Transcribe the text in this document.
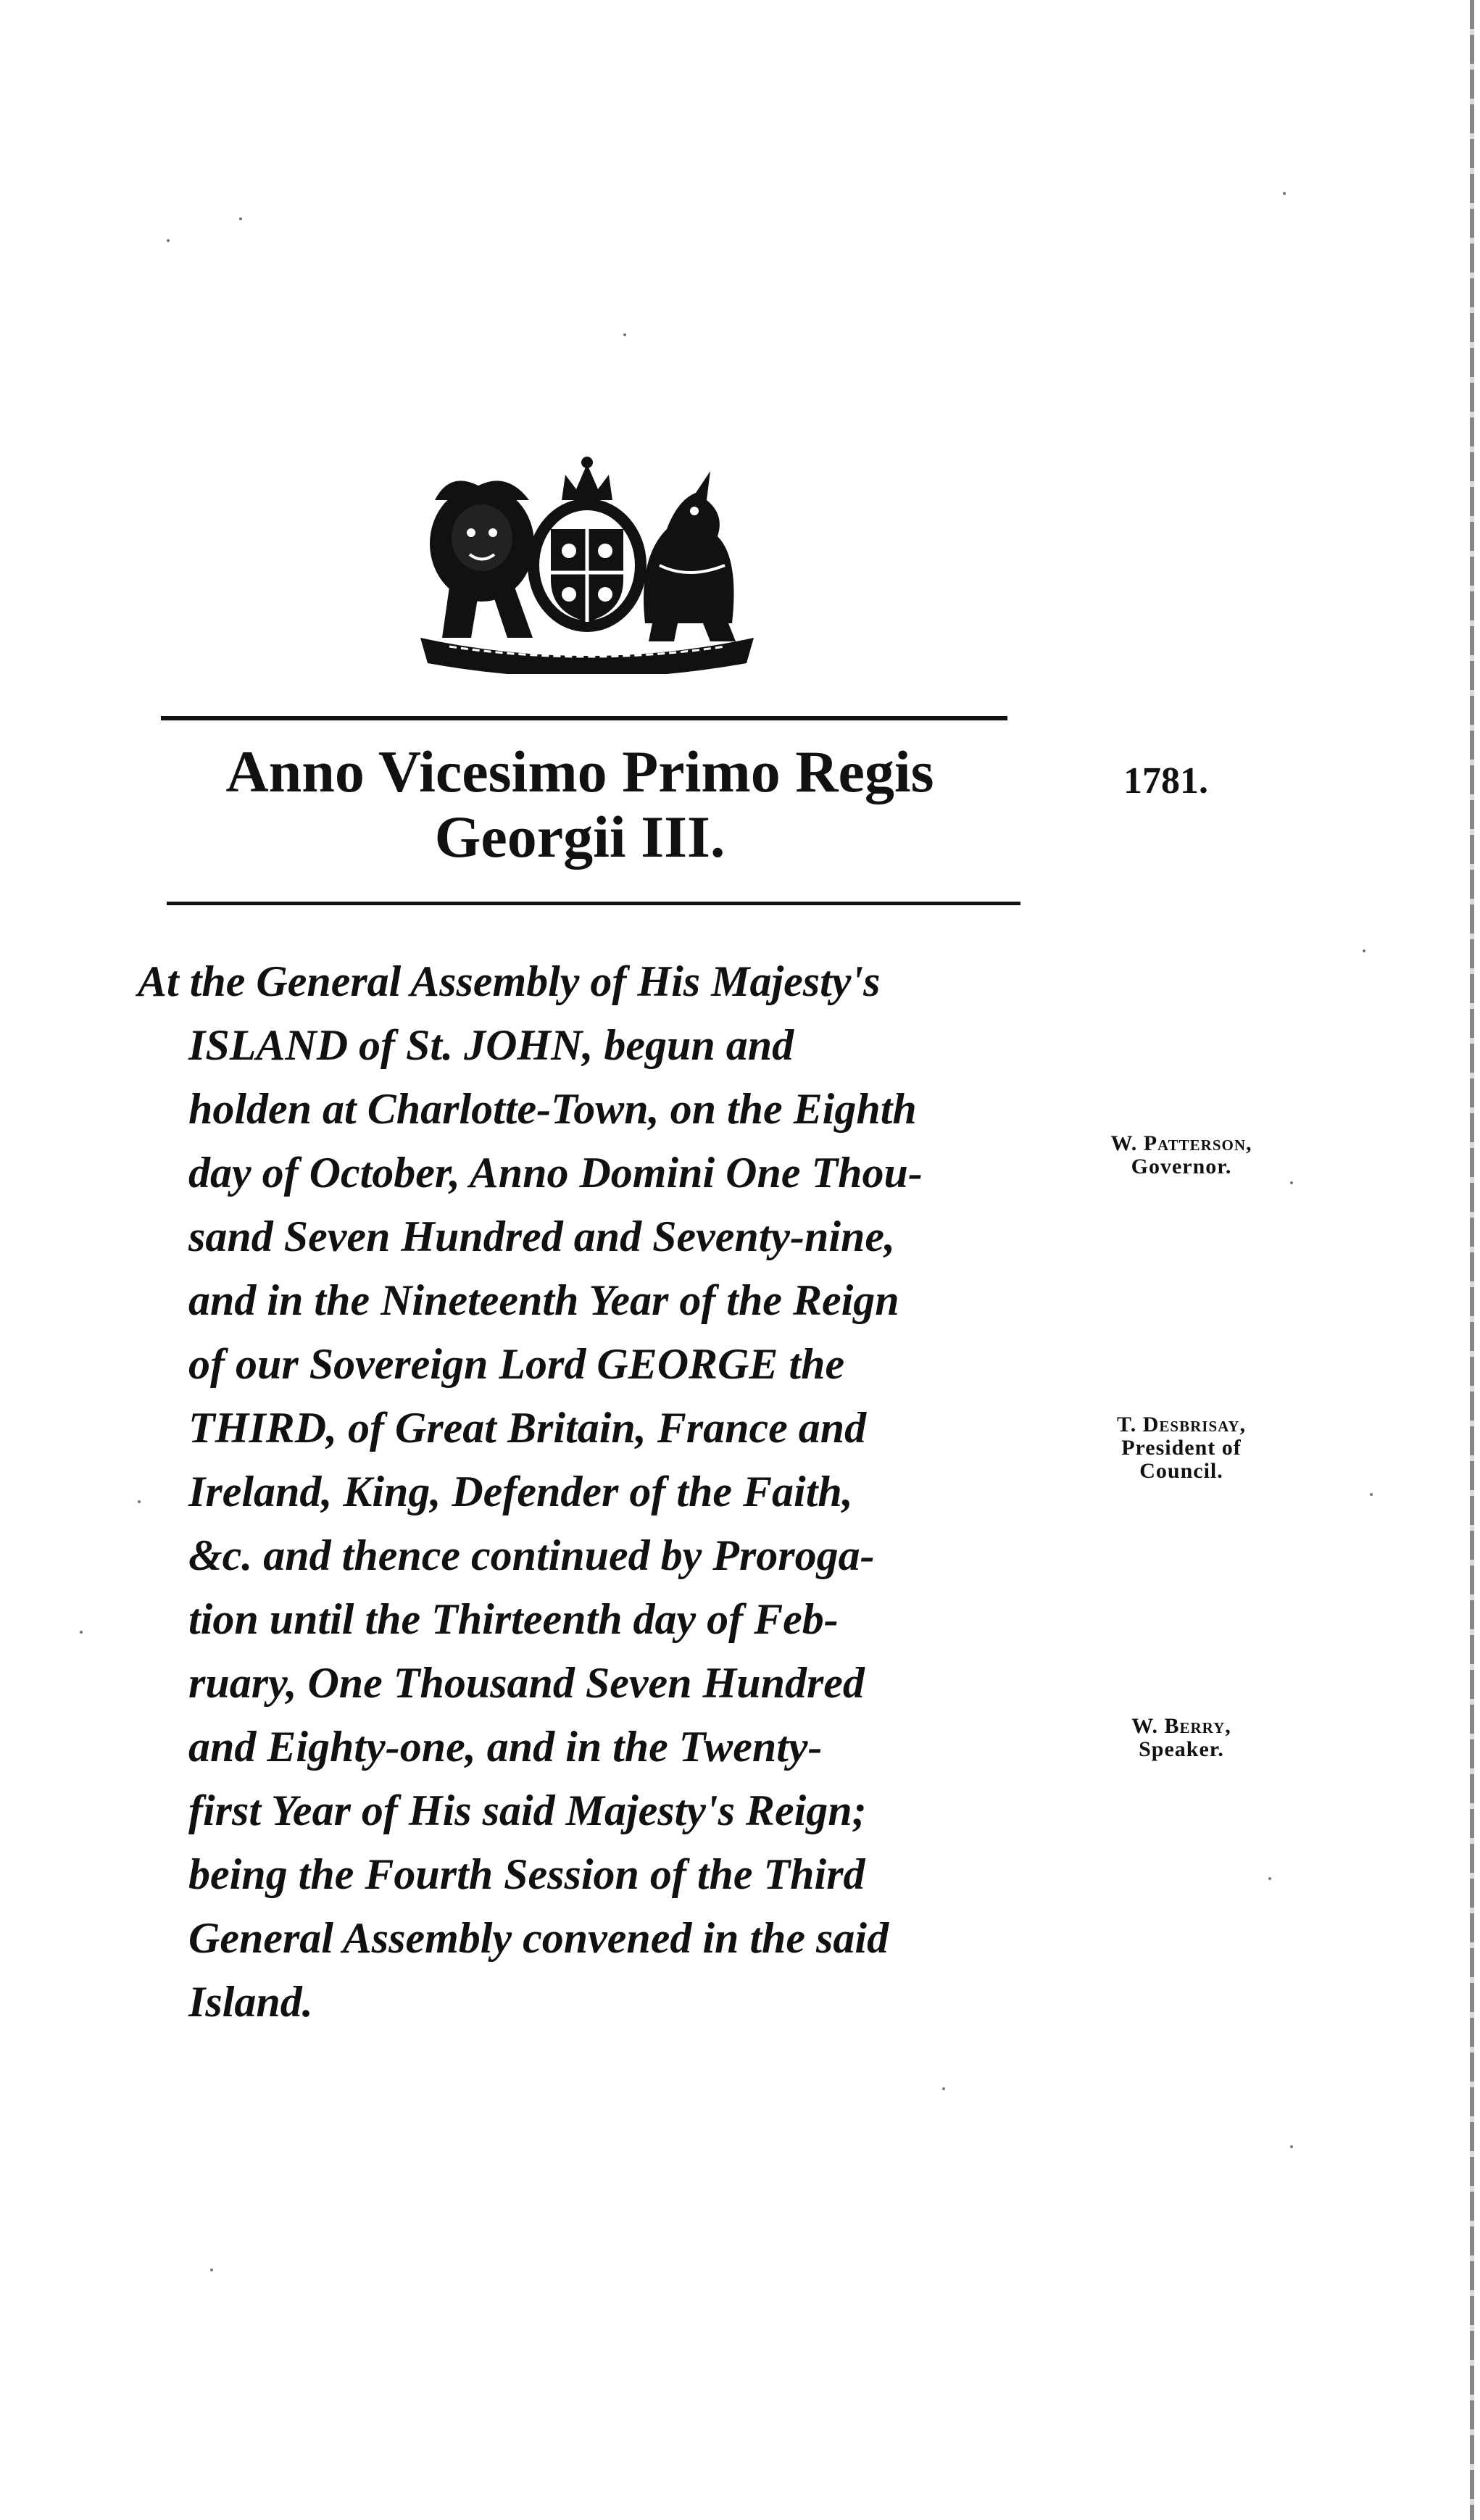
Anno Vicesimo Primo Regis
Georgii III.
1781.
At the General Assembly of His Majesty's
ISLAND of St. JOHN, begun and
holden at Charlotte-Town, on the Eighth
day of October, Anno Domini One Thou-
sand Seven Hundred and Seventy-nine,
and in the Nineteenth Year of the Reign
of our Sovereign Lord GEORGE the
THIRD, of Great Britain, France and
Ireland, King, Defender of the Faith,
&c. and thence continued by Proroga-
tion until the Thirteenth day of Feb-
ruary, One Thousand Seven Hundred
and Eighty-one, and in the Twenty-
first Year of His said Majesty's Reign;
being the Fourth Session of the Third
General Assembly convened in the said
Island.
W. Patterson,
Governor.
T. Desbrisay,
President of Council.
W. Berry,
Speaker.
